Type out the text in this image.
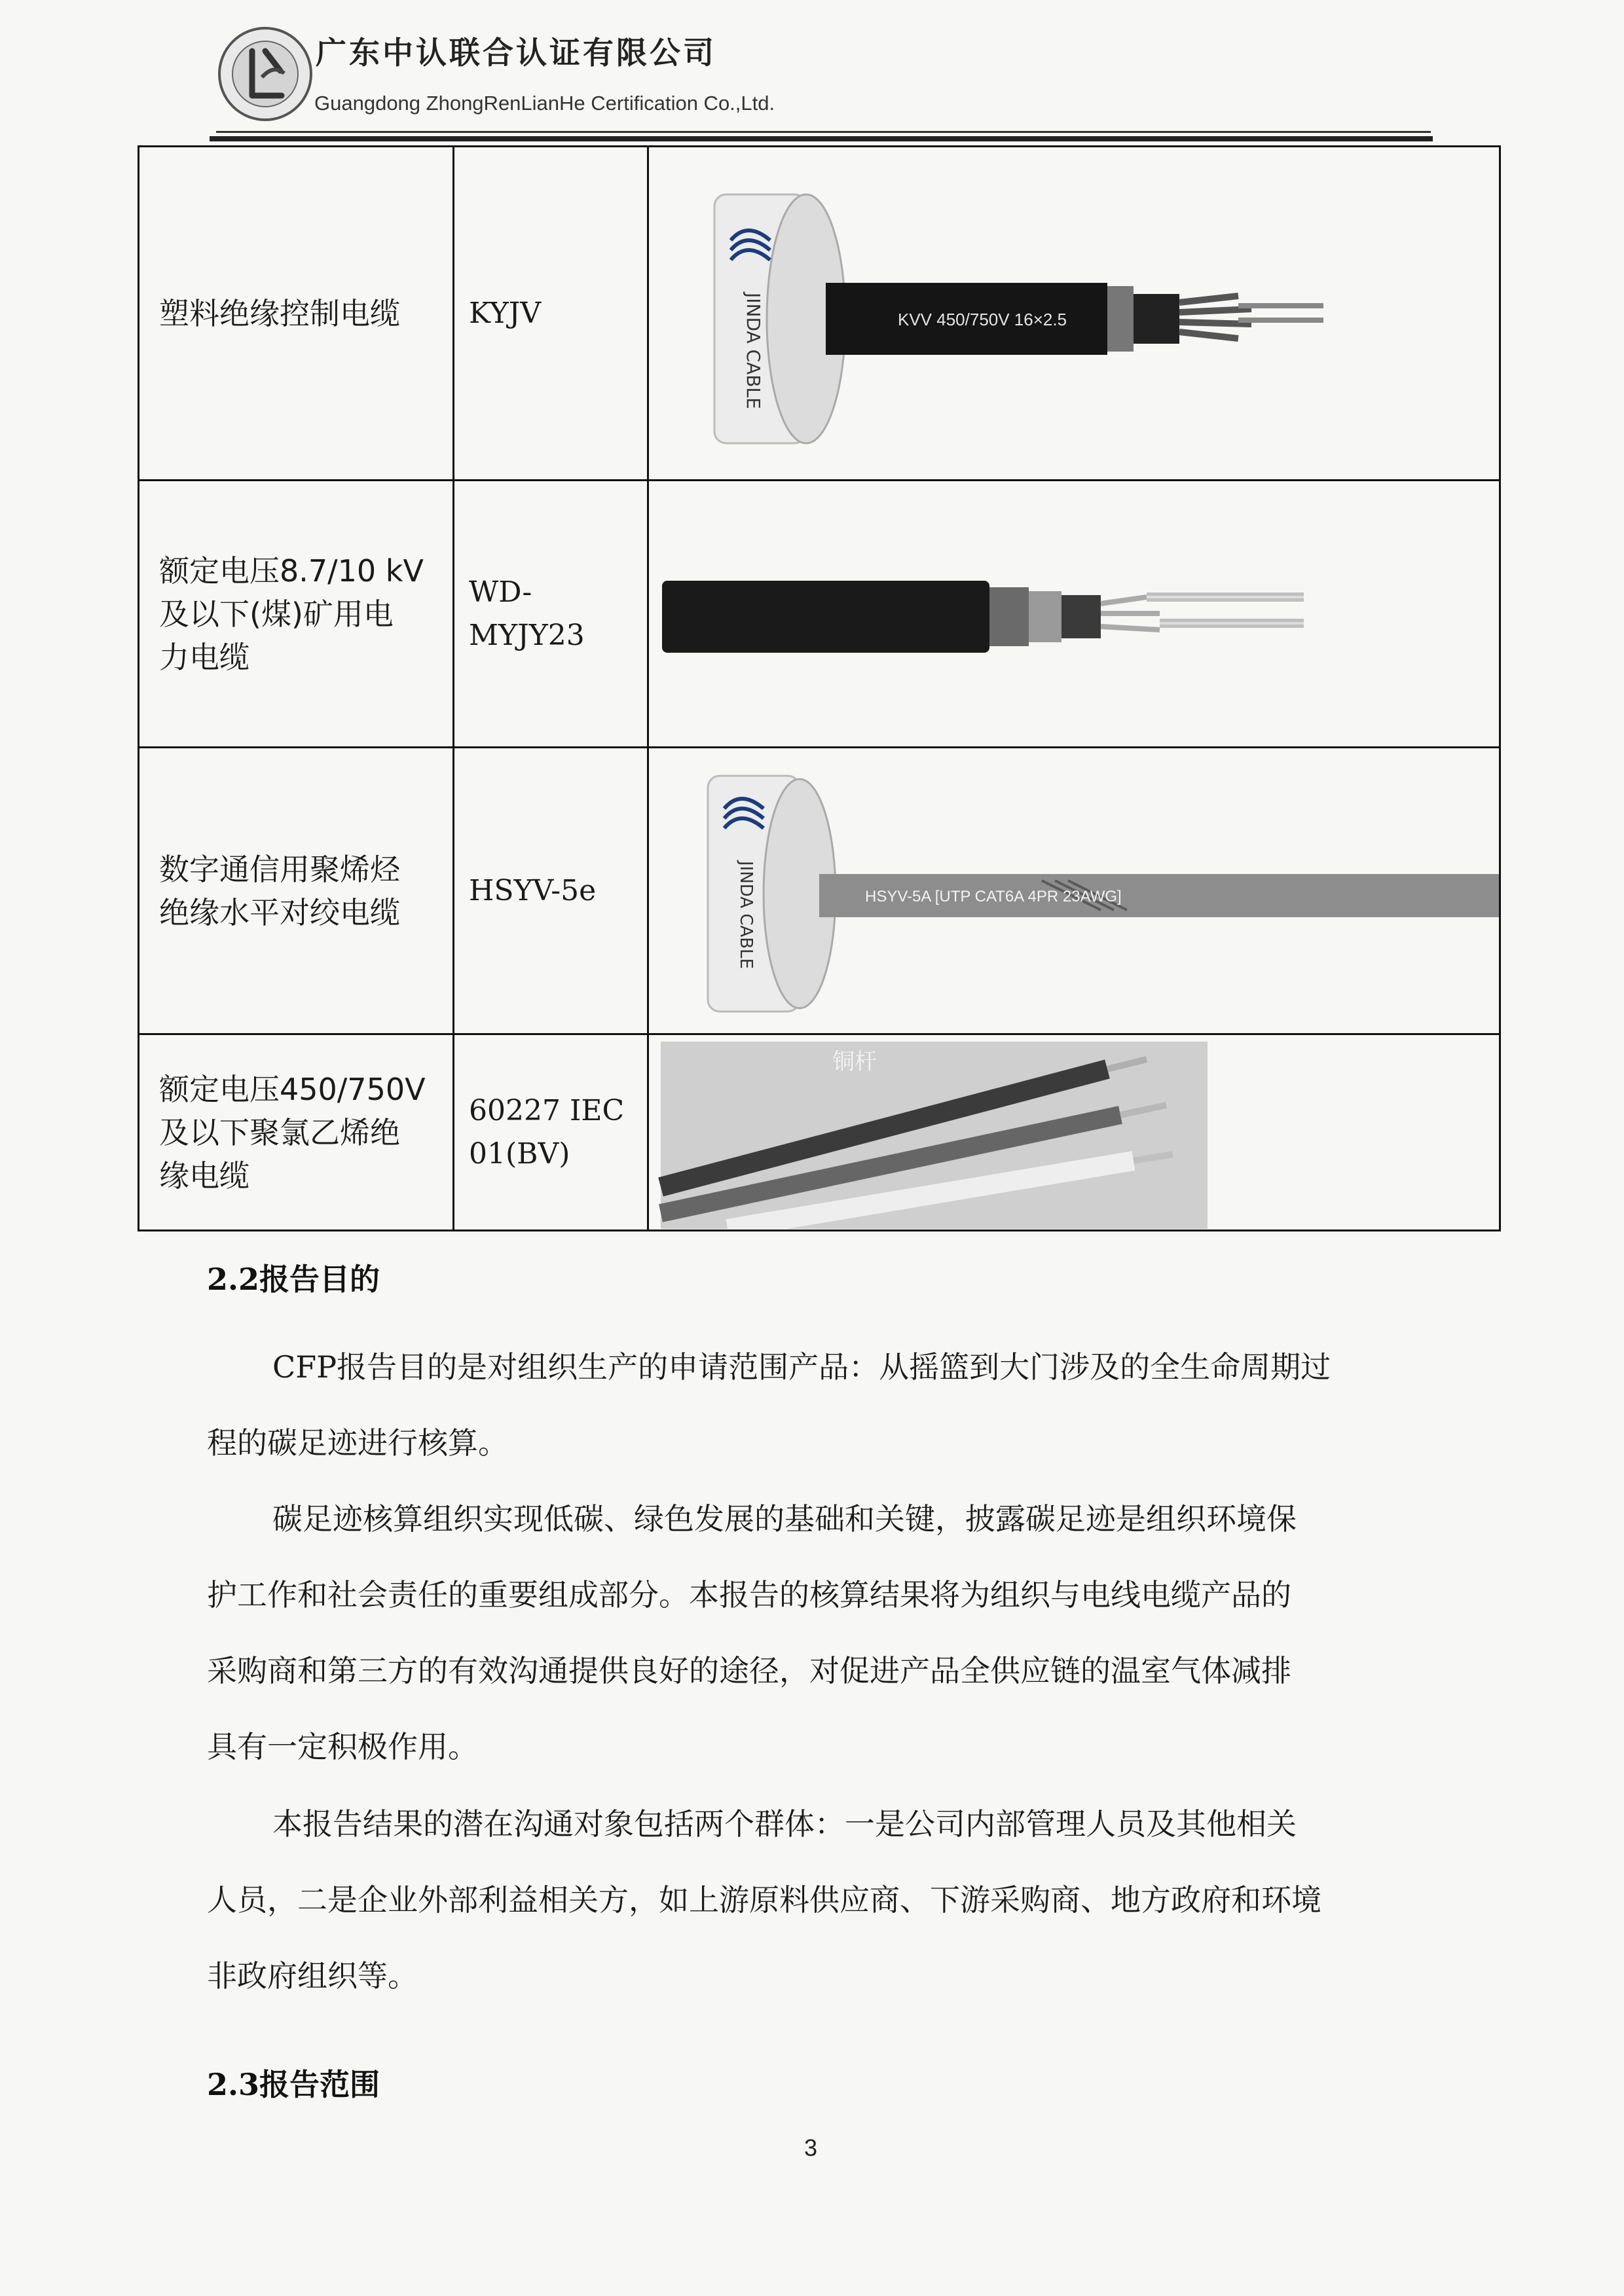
广东中认联合认证有限公司
Guangdong ZhongRenLianHe Certification Co.,Ltd.
塑料绝缘控制电缆	KYJV	JINDA CABLE KVV 450/750V 16×2.5

额定电压8.7/10 kV
及以下(煤)矿用电
力电缆	WD-MYJY23

数字通信用聚烯烃
绝缘水平对绞电缆	HSYV-5e	JINDA CABLE HSYV-5A [UTP CAT6A 4PR 23AWG]

额定电压450/750V
及以下聚氯乙烯绝
缘电缆	60227 IEC
01(BV)	铜杆
2.2报告目的
CFP报告目的是对组织生产的申请范围产品：从摇篮到大门涉及的全生命周期过
程的碳足迹进行核算。
碳足迹核算组织实现低碳、绿色发展的基础和关键，披露碳足迹是组织环境保
护工作和社会责任的重要组成部分。本报告的核算结果将为组织与电线电缆产品的
采购商和第三方的有效沟通提供良好的途径，对促进产品全供应链的温室气体减排
具有一定积极作用。
本报告结果的潜在沟通对象包括两个群体：一是公司内部管理人员及其他相关
人员，二是企业外部利益相关方，如上游原料供应商、下游采购商、地方政府和环境
非政府组织等。
2.3报告范围
3
